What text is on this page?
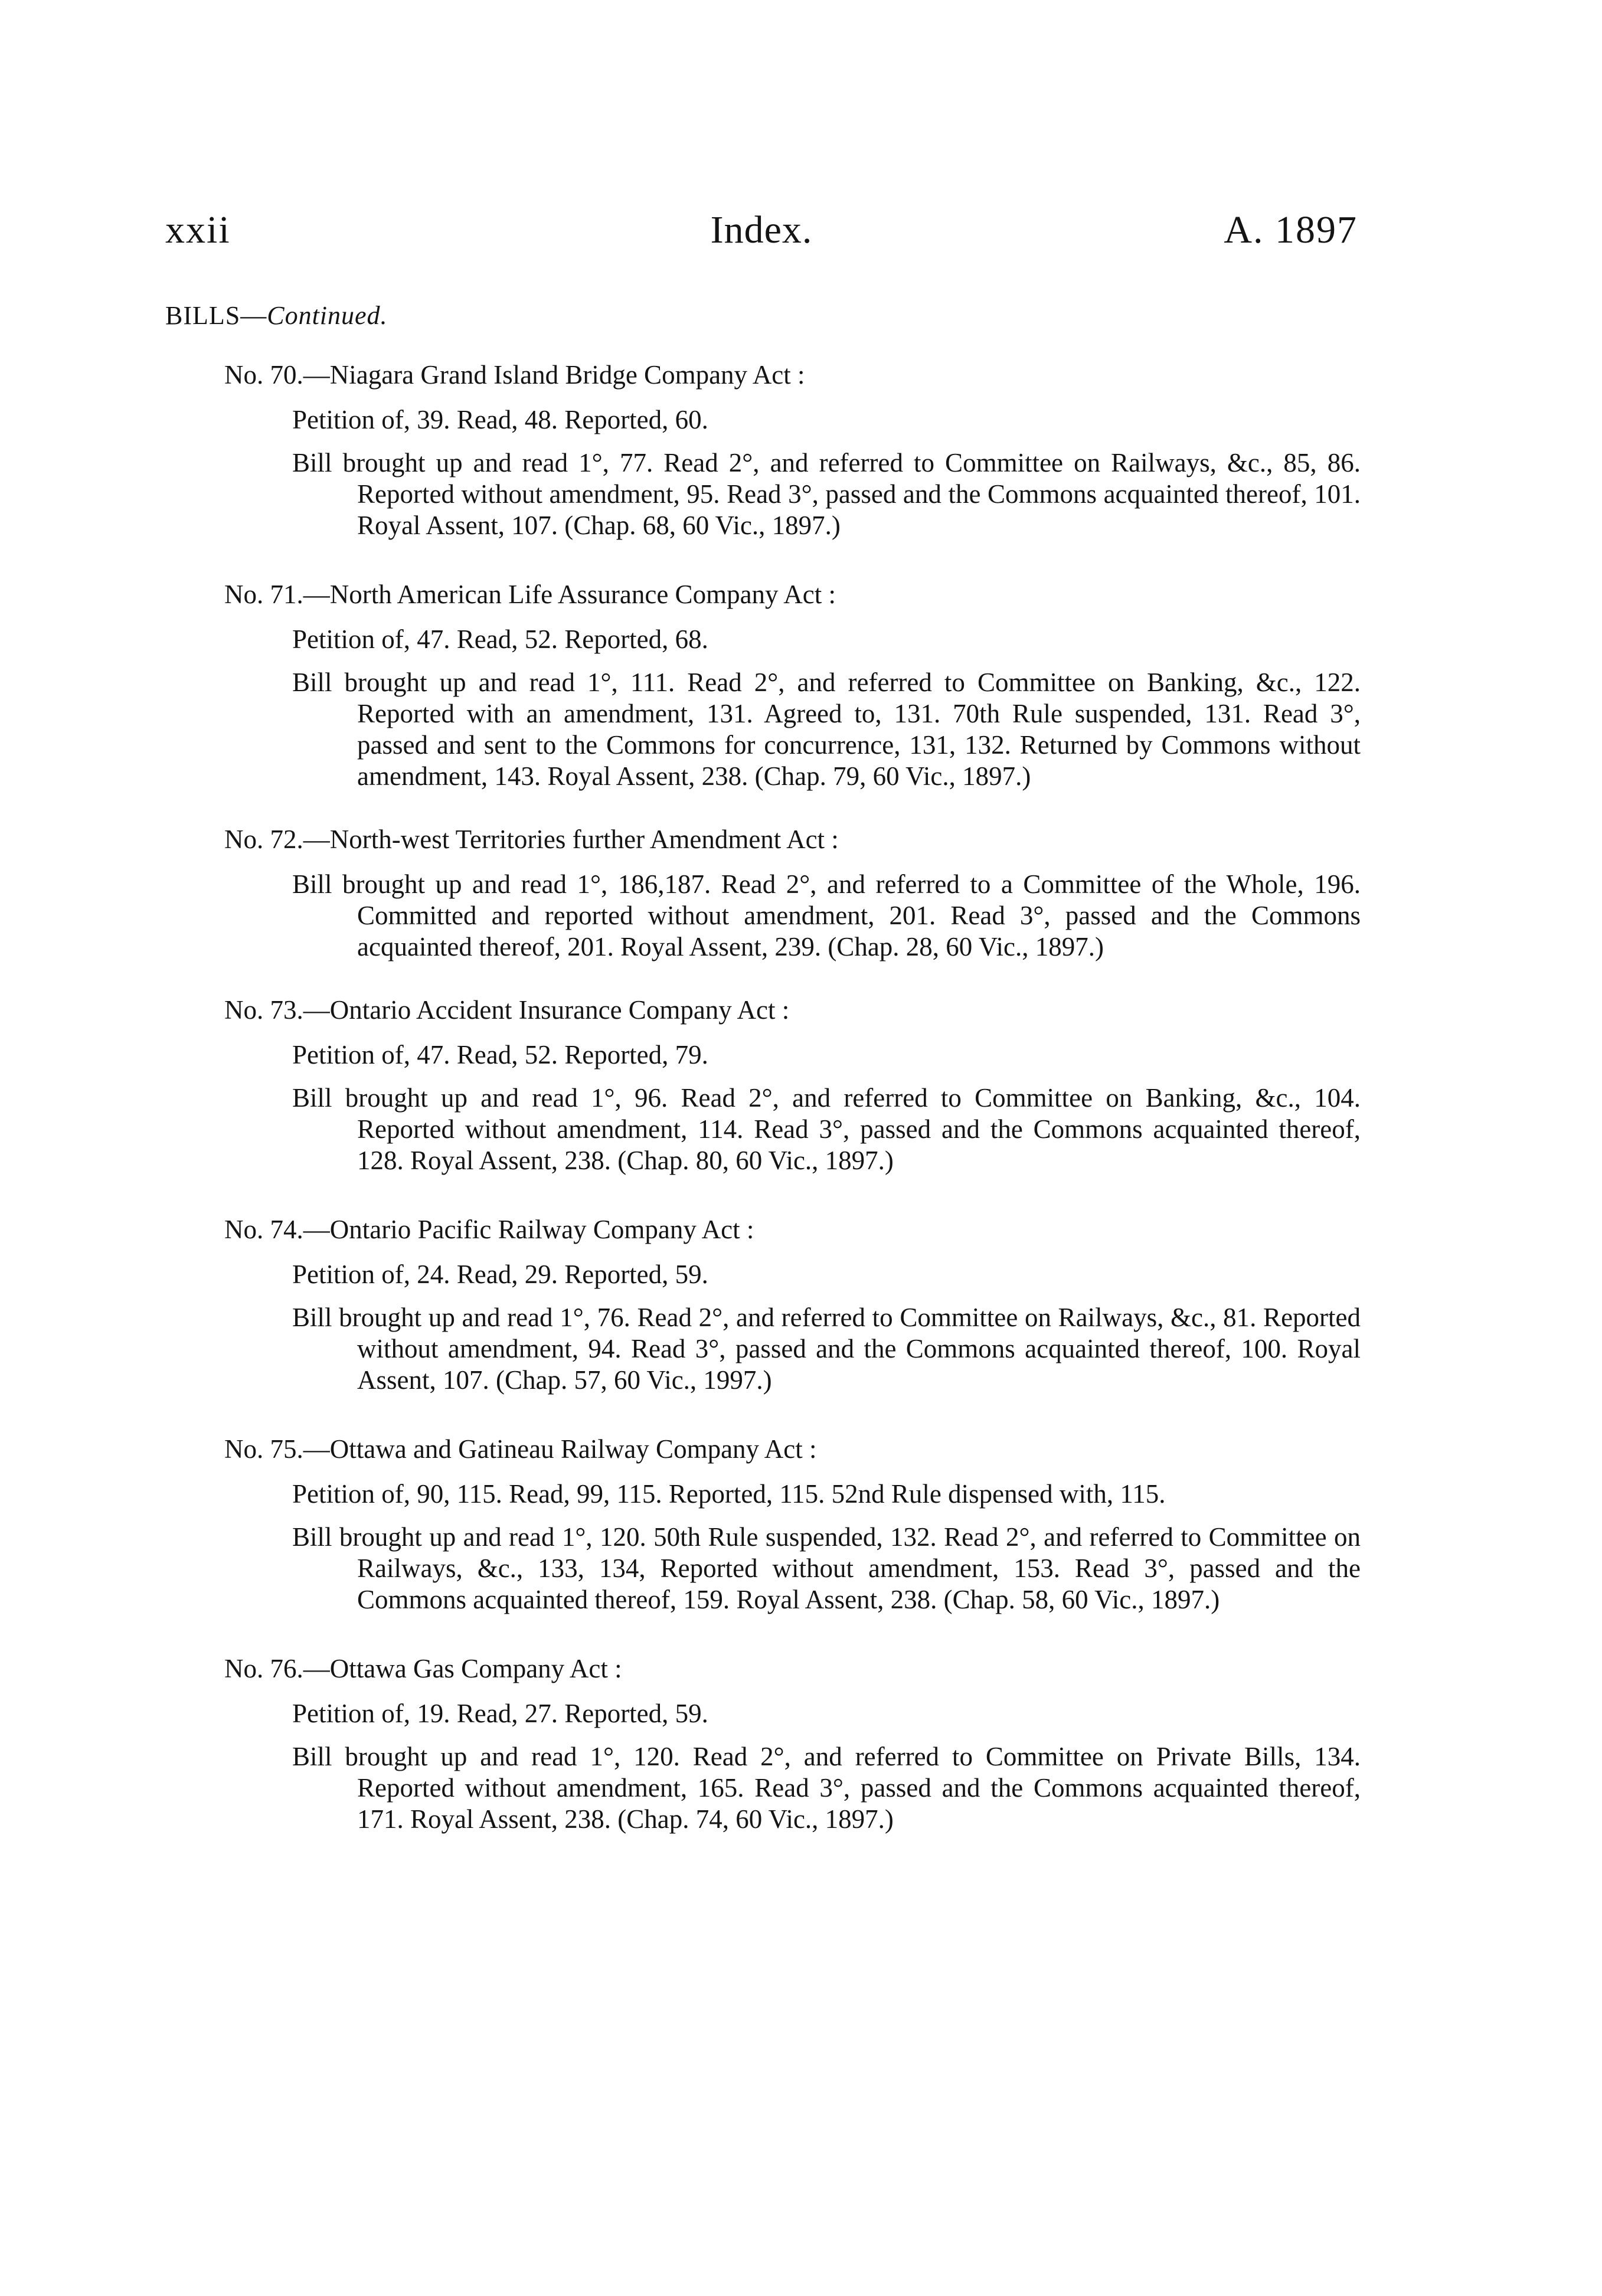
xxii	Index.	A. 1897
BILLS—Continued.

No. 70.—Niagara Grand Island Bridge Company Act :

Petition of, 39. Read, 48. Reported, 60.

Bill brought up and read 1°, 77. Read 2°, and referred to Committee on Railways, &c., 85, 86. Reported without amendment, 95. Read 3°, passed and the Commons acquainted thereof, 101. Royal Assent, 107. (Chap. 68, 60 Vic., 1897.)

No. 71.—North American Life Assurance Company Act :

Petition of, 47. Read, 52. Reported, 68.

Bill brought up and read 1°, 111. Read 2°, and referred to Committee on Banking, &c., 122. Reported with an amendment, 131. Agreed to, 131. 70th Rule suspended, 131. Read 3°, passed and sent to the Commons for concurrence, 131, 132. Returned by Commons without amendment, 143. Royal Assent, 238. (Chap. 79, 60 Vic., 1897.)

No. 72.—North-west Territories further Amendment Act :

Bill brought up and read 1°, 186,187. Read 2°, and referred to a Committee of the Whole, 196. Committed and reported without amendment, 201. Read 3°, passed and the Commons acquainted thereof, 201. Royal Assent, 239. (Chap. 28, 60 Vic., 1897.)

No. 73.—Ontario Accident Insurance Company Act :

Petition of, 47. Read, 52. Reported, 79.

Bill brought up and read 1°, 96. Read 2°, and referred to Committee on Banking, &c., 104. Reported without amendment, 114. Read 3°, passed and the Commons acquainted thereof, 128. Royal Assent, 238. (Chap. 80, 60 Vic., 1897.)

No. 74.—Ontario Pacific Railway Company Act :

Petition of, 24. Read, 29. Reported, 59.

Bill brought up and read 1°, 76. Read 2°, and referred to Committee on Railways, &c., 81. Reported without amendment, 94. Read 3°, passed and the Commons acquainted thereof, 100. Royal Assent, 107. (Chap. 57, 60 Vic., 1997.)

No. 75.—Ottawa and Gatineau Railway Company Act :

Petition of, 90, 115. Read, 99, 115. Reported, 115. 52nd Rule dispensed with, 115.

Bill brought up and read 1°, 120. 50th Rule suspended, 132. Read 2°, and referred to Committee on Railways, &c., 133, 134, Reported without amendment, 153. Read 3°, passed and the Commons acquainted thereof, 159. Royal Assent, 238. (Chap. 58, 60 Vic., 1897.)

No. 76.—Ottawa Gas Company Act :

Petition of, 19. Read, 27. Reported, 59.

Bill brought up and read 1°, 120. Read 2°, and referred to Committee on Private Bills, 134. Reported without amendment, 165. Read 3°, passed and the Commons acquainted thereof, 171. Royal Assent, 238. (Chap. 74, 60 Vic., 1897.)
